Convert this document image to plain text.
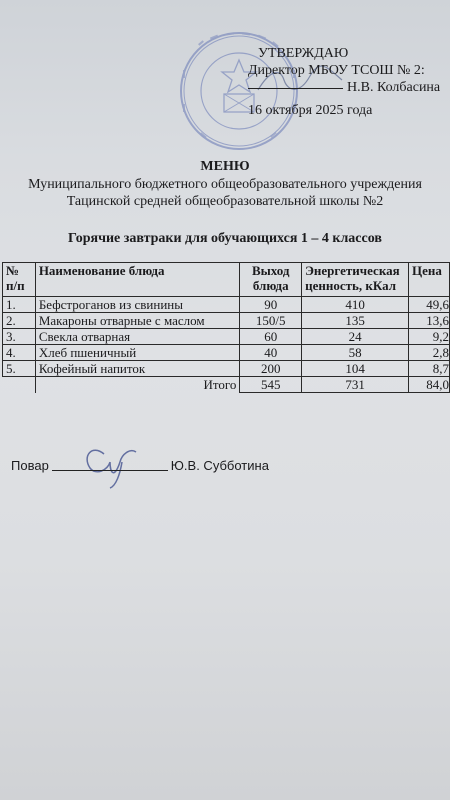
УТВЕРЖДАЮ
Директор МБОУ ТСОШ № 2:
Н.В. Колбасина
16 октября 2025 года
МЕНЮ
Муниципального бюджетного общеобразовательного учреждения
Тацинской средней общеобразовательной школы №2
Горячие завтраки для обучающихся 1 – 4 классов
№ п/п	Наименование блюда	Выход блюда	Энергетическая ценность, кКал	Цена
1.	Бефстроганов из свинины	90	410	49,6
2.	Макароны отварные с маслом	150/5	135	13,6
3.	Свекла отварная	60	24	9,2
4.	Хлеб пшеничный	40	58	2,8
5.	Кофейный напиток	200	104	8,7
	Итого	545	731	84,0
Повар	Ю.В. Субботина
